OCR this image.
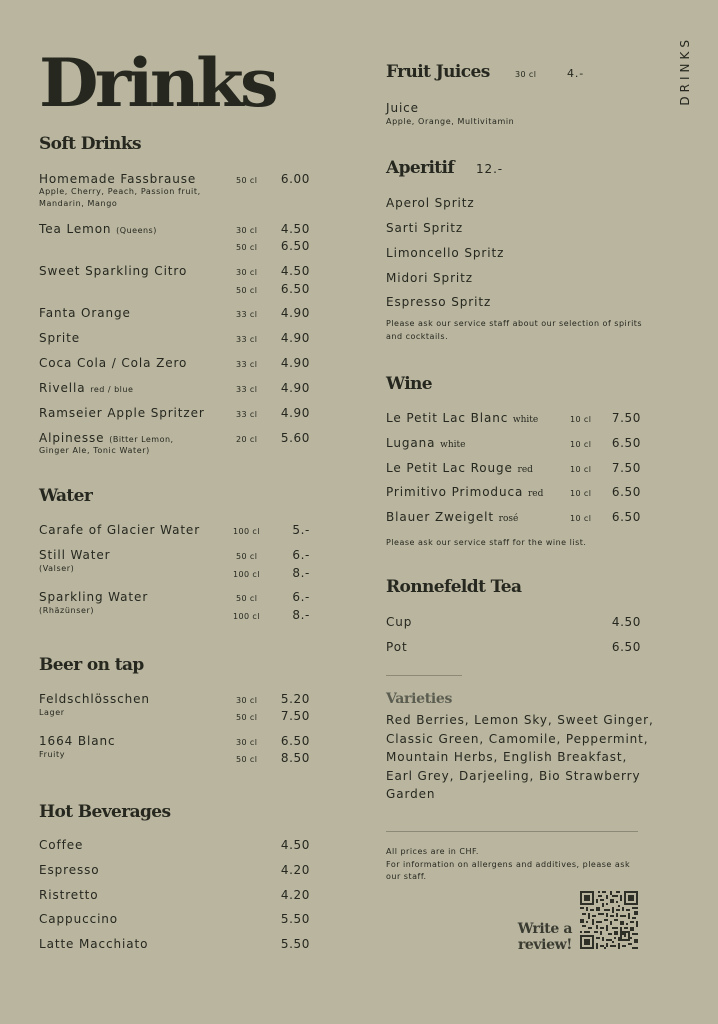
Drinks	DRINKS
Soft Drinks
Homemade Fassbrause
Apple, Cherry, Peach, Passion fruit, Mandarin, Mango
50 cl	6.00
Tea Lemon (Queens)	30 cl	4.50
50 cl	6.50
Sweet Sparkling Citro	30 cl	4.50
50 cl	6.50
Fanta Orange	33 cl	4.90
Sprite	33 cl	4.90
Coca Cola / Cola Zero	33 cl	4.90
Rivella red / blue	33 cl	4.90
Ramseier Apple Spritzer	33 cl	4.90
Alpinesse (Bitter Lemon,
Ginger Ale, Tonic Water)
20 cl	5.60
Water
Carafe of Glacier Water	100 cl	5.-
Still Water
(Valser)
50 cl	6.-
100 cl	8.-
Sparkling Water
(Rhäzünser)
50 cl	6.-
100 cl	8.-
Beer on tap
Feldschlösschen
Lager
30 cl	5.20
50 cl	7.50
1664 Blanc
Fruity
30 cl	6.50
50 cl	8.50
Hot Beverages
Coffee	4.50
Espresso	4.20
Ristretto	4.20
Cappuccino	5.50
Latte Macchiato	5.50
Fruit Juices	30 cl	4.-
Juice
Apple, Orange, Multivitamin
Aperitif 12.-
Aperol Spritz
Sarti Spritz
Limoncello Spritz
Midori Spritz
Espresso Spritz
Please ask our service staff about our selection of spirits and cocktails.
Wine
Le Petit Lac Blanc white	10 cl	7.50
Lugana white	10 cl	6.50
Le Petit Lac Rouge red	10 cl	7.50
Primitivo Primoduca red	10 cl	6.50
Blauer Zweigelt rosé	10 cl	6.50
Please ask our service staff for the wine list.
Ronnefeldt Tea
Cup	4.50
Pot	6.50
Varieties
Red Berries, Lemon Sky, Sweet Ginger,
Classic Green, Camomile, Peppermint,
Mountain Herbs, English Breakfast,
Earl Grey, Darjeeling, Bio Strawberry
Garden
All prices are in CHF.
For information on allergens and additives, please ask
our staff.
Write a
review!
